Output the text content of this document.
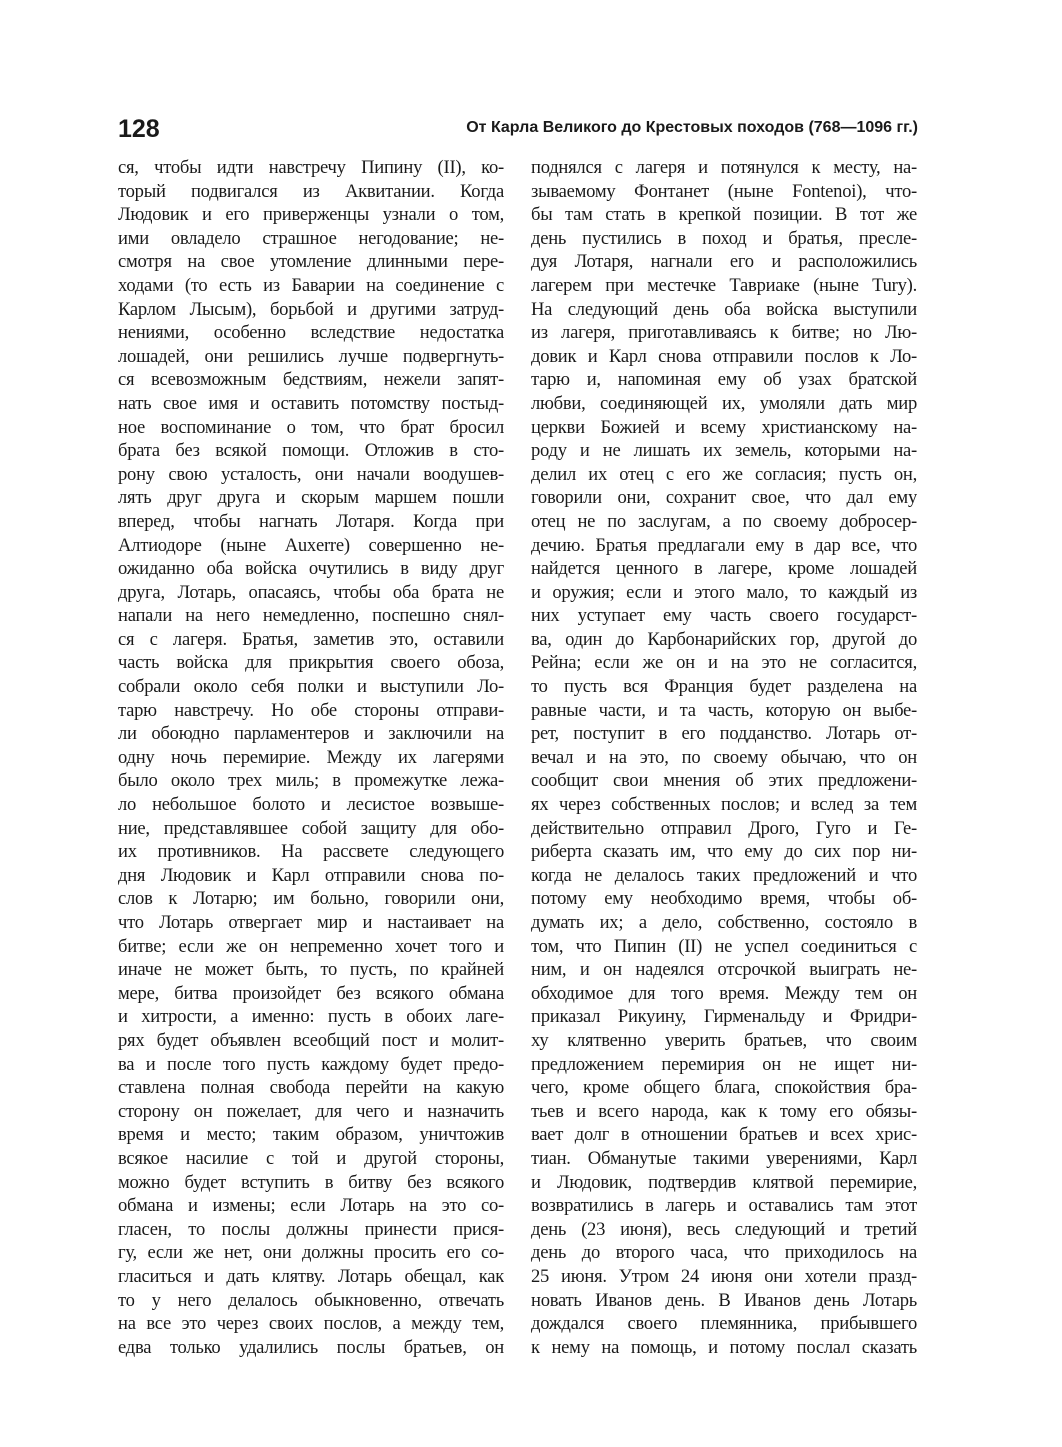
128	От Карла Великого до Крестовых походов (768—1096 гг.)
ся, чтобы идти навстречу Пипину (II), ко-
торый подвигался из Аквитании. Когда
Людовик и его приверженцы узнали о том,
ими овладело страшное негодование; не-
смотря на свое утомление длинными пере-
ходами (то есть из Баварии на соединение с
Карлом Лысым), борьбой и другими затруд-
нениями, особенно вследствие недостатка
лошадей, они решились лучше подвергнуть-
ся всевозможным бедствиям, нежели запят-
нать свое имя и оставить потомству постыд-
ное воспоминание о том, что брат бросил
брата без всякой помощи. Отложив в сто-
рону свою усталость, они начали воодушев-
лять друг друга и скорым маршем пошли
вперед, чтобы нагнать Лотаря. Когда при
Алтиодоре (ныне Auxerre) совершенно не-
ожиданно оба войска очутились в виду друг
друга, Лотарь, опасаясь, чтобы оба брата не
напали на него немедленно, поспешно снял-
ся с лагеря. Братья, заметив это, оставили
часть войска для прикрытия своего обоза,
собрали около себя полки и выступили Ло-
тарю навстречу. Но обе стороны отправи-
ли обоюдно парламентеров и заключили на
одну ночь перемирие. Между их лагерями
было около трех миль; в промежутке лежа-
ло небольшое болото и лесистое возвыше-
ние, представлявшее собой защиту для обо-
их противников. На рассвете следующего
дня Людовик и Карл отправили снова по-
слов к Лотарю; им больно, говорили они,
что Лотарь отвергает мир и настаивает на
битве; если же он непременно хочет того и
иначе не может быть, то пусть, по крайней
мере, битва произойдет без всякого обмана
и хитрости, а именно: пусть в обоих лаге-
рях будет объявлен всеобщий пост и молит-
ва и после того пусть каждому будет предо-
ставлена полная свобода перейти на какую
сторону он пожелает, для чего и назначить
время и место; таким образом, уничтожив
всякое насилие с той и другой стороны,
можно будет вступить в битву без всякого
обмана и измены; если Лотарь на это со-
гласен, то послы должны принести прися-
гу, если же нет, они должны просить его со-
гласиться и дать клятву. Лотарь обещал, как
то у него делалось обыкновенно, отвечать
на все это через своих послов, а между тем,
едва только удалились послы братьев, он
поднялся с лагеря и потянулся к месту, на-
зываемому Фонтанет (ныне Fontenoi), что-
бы там стать в крепкой позиции. В тот же
день пустились в поход и братья, пресле-
дуя Лотаря, нагнали его и расположились
лагерем при местечке Тавриаке (ныне Tury).
На следующий день оба войска выступили
из лагеря, приготавливаясь к битве; но Лю-
довик и Карл снова отправили послов к Ло-
тарю и, напоминая ему об узах братской
любви, соединяющей их, умоляли дать мир
церкви Божией и всему христианскому на-
роду и не лишать их земель, которыми на-
делил их отец с его же согласия; пусть он,
говорили они, сохранит свое, что дал ему
отец не по заслугам, а по своему добросер-
дечию. Братья предлагали ему в дар все, что
найдется ценного в лагере, кроме лошадей
и оружия; если и этого мало, то каждый из
них уступает ему часть своего государст-
ва, один до Карбонарийских гор, другой до
Рейна; если же он и на это не согласится,
то пусть вся Франция будет разделена на
равные части, и та часть, которую он выбе-
рет, поступит в его подданство. Лотарь от-
вечал и на это, по своему обычаю, что он
сообщит свои мнения об этих предложени-
ях через собственных послов; и вслед за тем
действительно отправил Дрого, Гуго и Ге-
риберта сказать им, что ему до сих пор ни-
когда не делалось таких предложений и что
потому ему необходимо время, чтобы об-
думать их; а дело, собственно, состояло в
том, что Пипин (II) не успел соединиться с
ним, и он надеялся отсрочкой выиграть не-
обходимое для того время. Между тем он
приказал Рикуину, Гирменальду и Фридри-
ху клятвенно уверить братьев, что своим
предложением перемирия он не ищет ни-
чего, кроме общего блага, спокойствия бра-
тьев и всего народа, как к тому его обязы-
вает долг в отношении братьев и всех хрис-
тиан. Обманутые такими уверениями, Карл
и Людовик, подтвердив клятвой перемирие,
возвратились в лагерь и оставались там этот
день (23 июня), весь следующий и третий
день до второго часа, что приходилось на
25 июня. Утром 24 июня они хотели празд-
новать Иванов день. В Иванов день Лотарь
дождался своего племянника, прибывшего
к нему на помощь, и потому послал сказать
